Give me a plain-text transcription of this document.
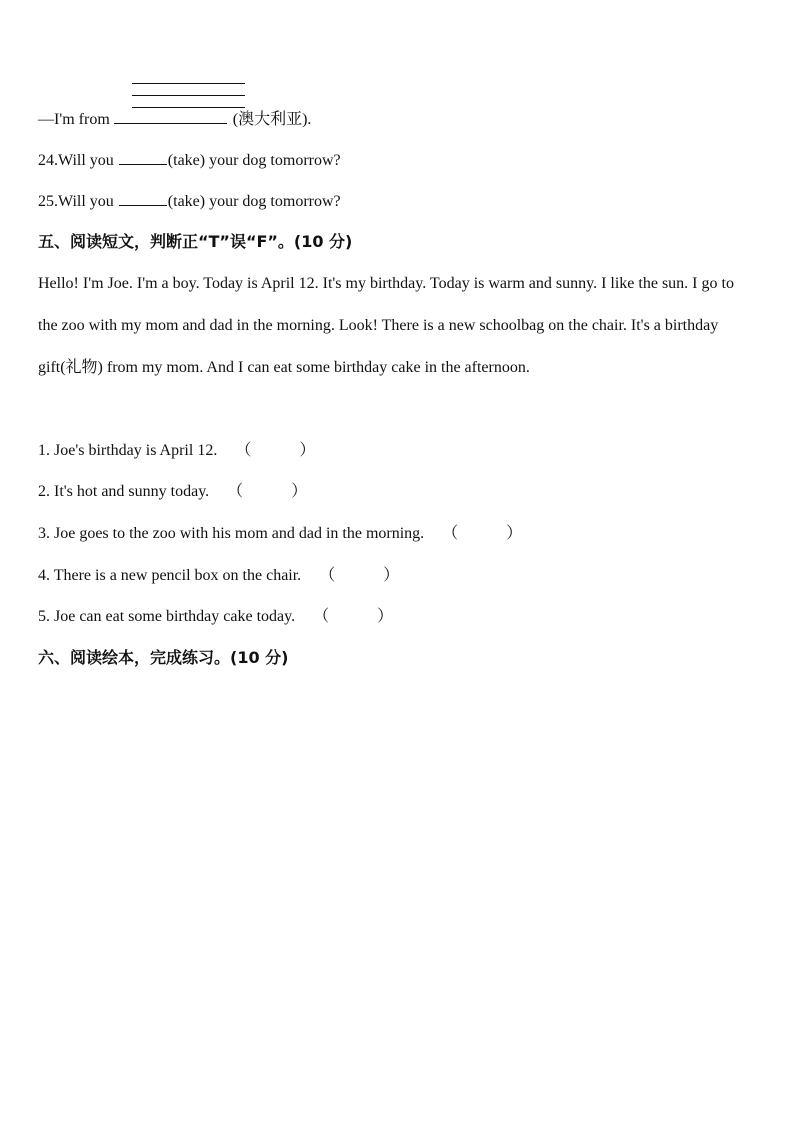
—I'm from	(澳大利亚).
24.Will you	(take) your dog tomorrow?
25.Will you	(take) your dog tomorrow?
五、阅读短文，判断正“T”误“F”。(10 分)
Hello! I'm Joe. I'm a boy. Today is April 12. It's my birthday. Today is warm and sunny. I like the sun. I go to the zoo with my mom and dad in the morning. Look! There is a new schoolbag on the chair. It's a birthday gift(礼物) from my mom. And I can eat some birthday cake in the afternoon.
1. Joe's birthday is April 12. （	）
2. It's hot and sunny today. （	）
3. Joe goes to the zoo with his mom and dad in the morning. （	）
4. There is a new pencil box on the chair. （	）
5. Joe can eat some birthday cake today. （	）
六、阅读绘本，完成练习。(10 分)
